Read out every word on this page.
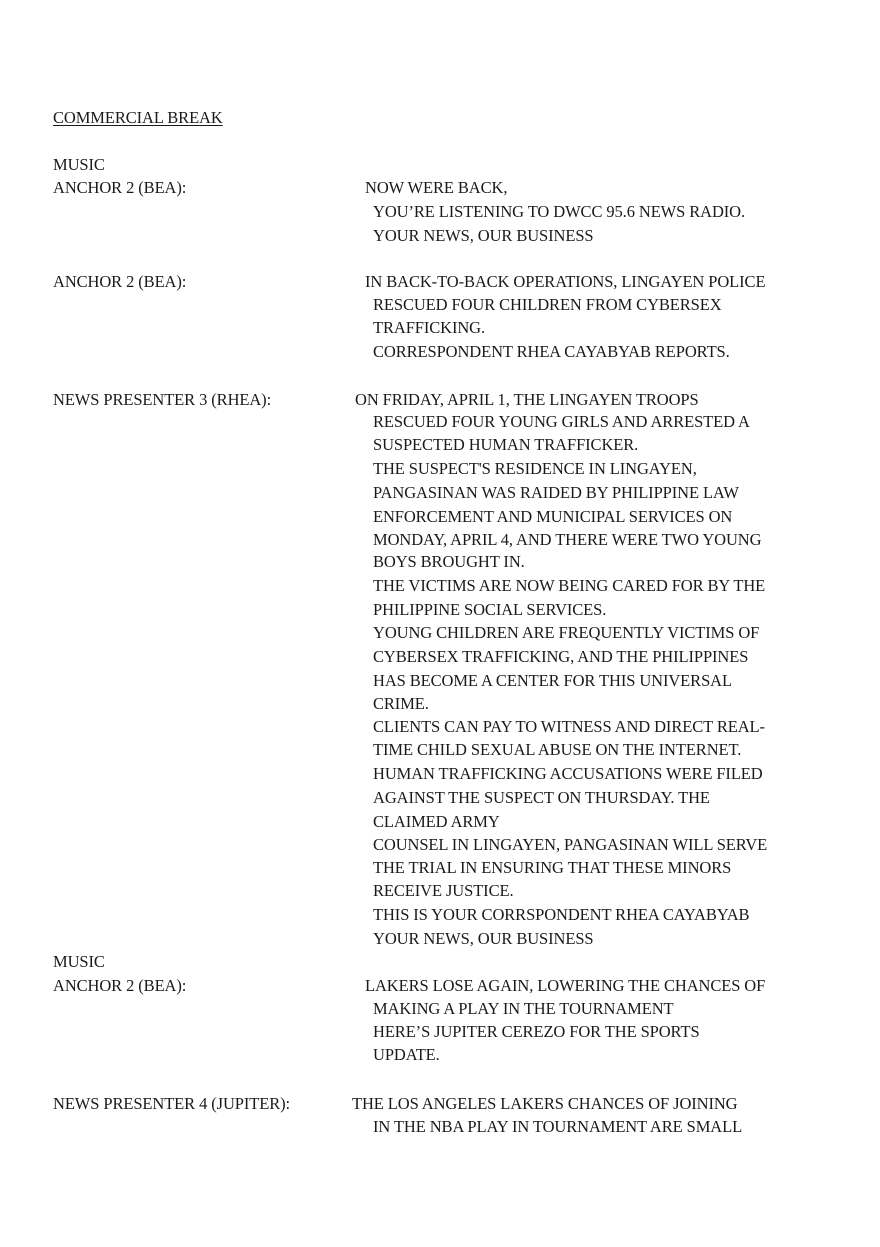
COMMERCIAL BREAK
MUSIC
ANCHOR 2 (BEA):	NOW WERE BACK,
YOU’RE LISTENING TO DWCC 95.6 NEWS RADIO.
YOUR NEWS, OUR BUSINESS
ANCHOR 2 (BEA):	IN BACK-TO-BACK OPERATIONS, LINGAYEN POLICE
RESCUED FOUR CHILDREN FROM CYBERSEX
TRAFFICKING.
CORRESPONDENT RHEA CAYABYAB REPORTS.
NEWS PRESENTER 3 (RHEA):	ON FRIDAY, APRIL 1, THE LINGAYEN TROOPS
RESCUED FOUR YOUNG GIRLS AND ARRESTED A
SUSPECTED HUMAN TRAFFICKER.
THE SUSPECT'S RESIDENCE IN LINGAYEN,
PANGASINAN WAS RAIDED BY PHILIPPINE LAW
ENFORCEMENT AND MUNICIPAL SERVICES ON
MONDAY, APRIL 4, AND THERE WERE TWO YOUNG
BOYS BROUGHT IN.
THE VICTIMS ARE NOW BEING CARED FOR BY THE
PHILIPPINE SOCIAL SERVICES.
YOUNG CHILDREN ARE FREQUENTLY VICTIMS OF
CYBERSEX TRAFFICKING, AND THE PHILIPPINES
HAS BECOME A CENTER FOR THIS UNIVERSAL
CRIME.
CLIENTS CAN PAY TO WITNESS AND DIRECT REAL-
TIME CHILD SEXUAL ABUSE ON THE INTERNET.
HUMAN TRAFFICKING ACCUSATIONS WERE FILED
AGAINST THE SUSPECT ON THURSDAY. THE
CLAIMED ARMY
COUNSEL IN LINGAYEN, PANGASINAN WILL SERVE
THE TRIAL IN ENSURING THAT THESE MINORS
RECEIVE JUSTICE.
THIS IS YOUR CORRSPONDENT RHEA CAYABYAB
YOUR NEWS, OUR BUSINESS
MUSIC
ANCHOR 2 (BEA):	LAKERS LOSE AGAIN, LOWERING THE CHANCES OF
MAKING A PLAY IN THE TOURNAMENT
HERE’S JUPITER CEREZO FOR THE SPORTS
UPDATE.
NEWS PRESENTER 4 (JUPITER):	THE LOS ANGELES LAKERS CHANCES OF JOINING
IN THE NBA PLAY IN TOURNAMENT ARE SMALL
